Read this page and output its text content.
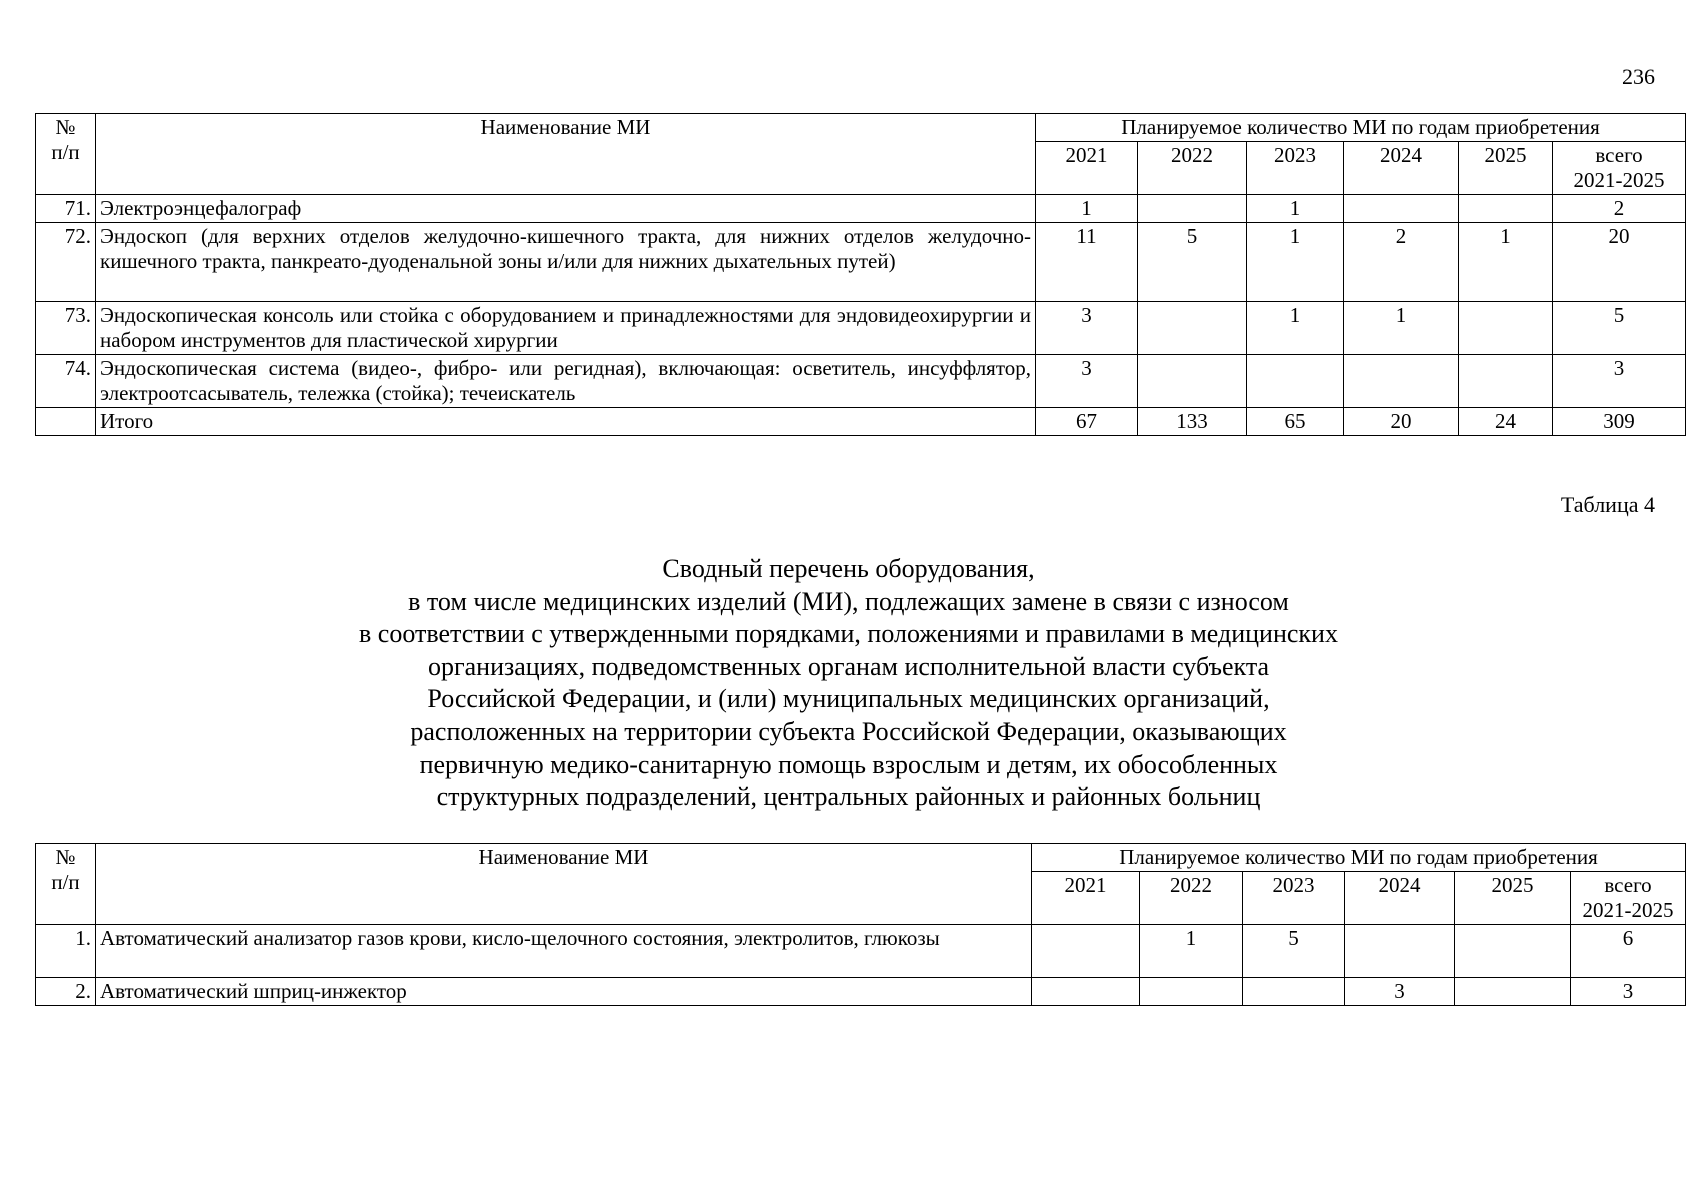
236
№
п/п	Наименование МИ	Планируемое количество МИ по годам приобретения					
		2021	2022	2023	2024	2025	всего
2021-2025

71.	Электроэнцефалограф	1		1			2
72.	Эндоскоп (для верхних отделов желудочно-кишечного тракта, для нижних отделов желудочно-кишечного тракта, панкреато-дуоденальной зоны и/или для нижних дыхательных путей)	11	5	1	2	1	20
73.	Эндоскопическая консоль или стойка с оборудованием и принадлежностями для эндовидеохирургии и набором инструментов для пластической хирургии	3		1	1		5
74.	Эндоскопическая система (видео-, фибро- или регидная), включающая: осветитель, инсуффлятор, электроотсасыватель, тележка (стойка); течеискатель	3					3
	Итого	67	133	65	20	24	309
Таблица 4
Сводный перечень оборудования,
в том числе медицинских изделий (МИ), подлежащих замене в связи с износом
в соответствии с утвержденными порядками, положениями и правилами в медицинских
организациях, подведомственных органам исполнительной власти субъекта
Российской Федерации, и (или) муниципальных медицинских организаций,
расположенных на территории субъекта Российской Федерации, оказывающих
первичную медико-санитарную помощь взрослым и детям, их обособленных
структурных подразделений, центральных районных и районных больниц
№
п/п	Наименование МИ	Планируемое количество МИ по годам приобретения					
		2021	2022	2023	2024	2025	всего
2021-2025

1.	Автоматический анализатор газов крови, кисло-щелочного состояния, электролитов, глюкозы		1	5			6
2.	Автоматический шприц-инжектор				3		3
